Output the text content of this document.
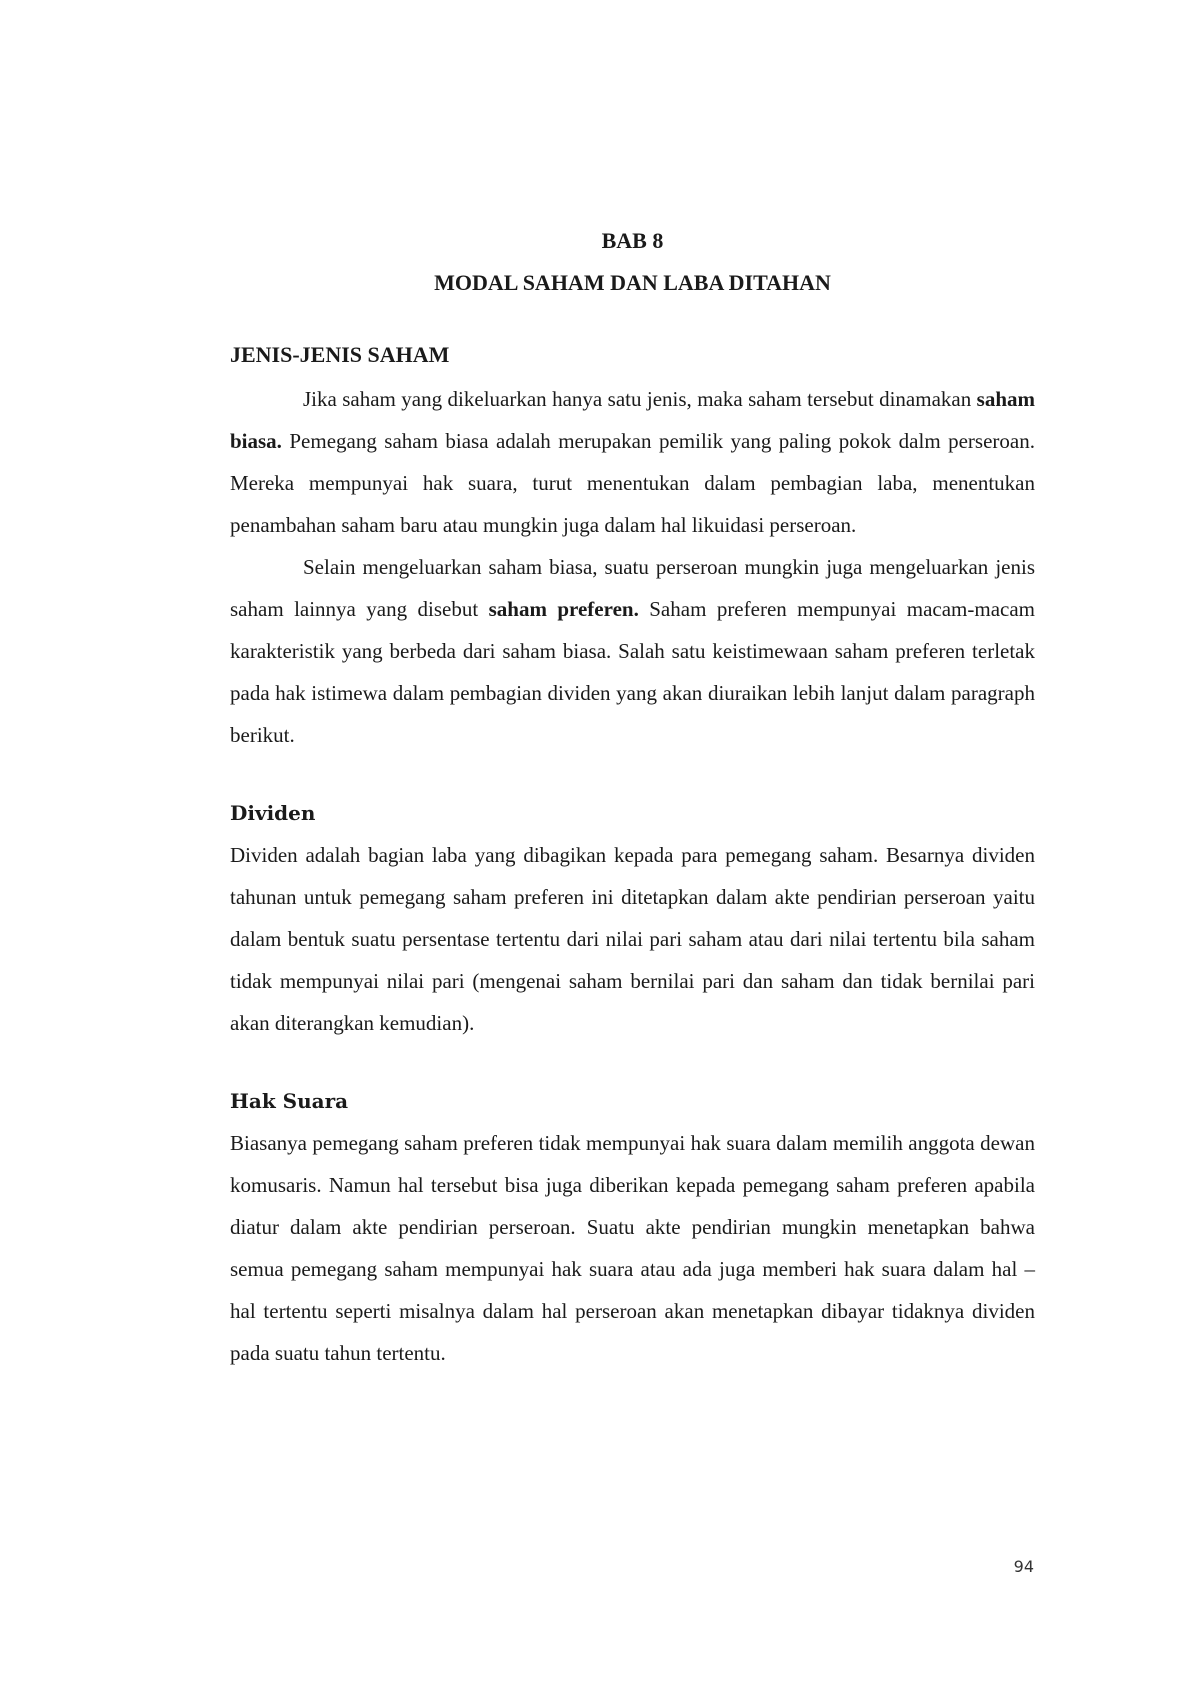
BAB 8
MODAL SAHAM DAN LABA DITAHAN
JENIS-JENIS SAHAM

Jika saham yang dikeluarkan hanya satu jenis, maka saham tersebut dinamakan saham biasa. Pemegang saham biasa adalah merupakan pemilik yang paling pokok dalm perseroan. Mereka mempunyai hak suara, turut menentukan dalam pembagian laba, menentukan penambahan saham baru atau mungkin juga dalam hal likuidasi perseroan.

Selain mengeluarkan saham biasa, suatu perseroan mungkin juga mengeluarkan jenis saham lainnya yang disebut saham preferen. Saham preferen mempunyai macam-macam karakteristik yang berbeda dari saham biasa. Salah satu keistimewaan saham preferen terletak pada hak istimewa dalam pembagian dividen yang akan diuraikan lebih lanjut dalam paragraph berikut.

Dividen

Dividen adalah bagian laba yang dibagikan kepada para pemegang saham. Besarnya dividen tahunan untuk pemegang saham preferen ini ditetapkan dalam akte pendirian perseroan yaitu dalam bentuk suatu persentase tertentu dari nilai pari saham atau dari nilai tertentu bila saham tidak mempunyai nilai pari (mengenai saham bernilai pari dan saham dan tidak bernilai pari akan diterangkan kemudian).

Hak Suara

Biasanya pemegang saham preferen tidak mempunyai hak suara dalam memilih anggota dewan komusaris. Namun hal tersebut bisa juga diberikan kepada pemegang saham preferen apabila diatur dalam akte pendirian perseroan. Suatu akte pendirian mungkin menetapkan bahwa semua pemegang saham mempunyai hak suara atau ada juga memberi hak suara dalam hal – hal tertentu seperti misalnya dalam hal perseroan akan menetapkan dibayar tidaknya dividen pada suatu tahun tertentu.

94
